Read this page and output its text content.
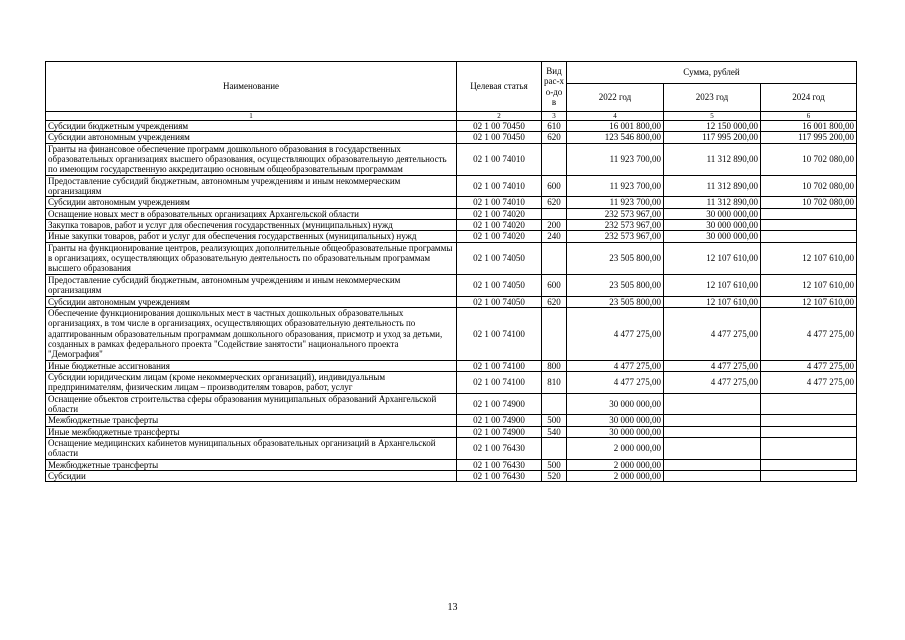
Наименование	Целевая статья	Вид рас-хо-дов	Сумма, рублей		
			2022 год	2023 год	2024 год
1	2	3	4	5	6
Субсидии бюджетным учреждениям	02 1 00 70450	610	16 001 800,00	12 150 000,00	16 001 800,00
Субсидии автономным учреждениям	02 1 00 70450	620	123 546 800,00	117 995 200,00	117 995 200,00
Гранты на финансовое обеспечение программ дошкольного образования в государственных образовательных организациях высшего образования, осуществляющих образовательную деятельность по имеющим государственную аккредитацию основным общеобразовательным программам	02 1 00 74010		11 923 700,00	11 312 890,00	10 702 080,00
Предоставление субсидий бюджетным, автономным учреждениям и иным некоммерческим организациям	02 1 00 74010	600	11 923 700,00	11 312 890,00	10 702 080,00
Субсидии автономным учреждениям	02 1 00 74010	620	11 923 700,00	11 312 890,00	10 702 080,00
Оснащение новых мест в образовательных организациях Архангельской области	02 1 00 74020		232 573 967,00	30 000 000,00	
Закупка товаров, работ и услуг для обеспечения государственных (муниципальных) нужд	02 1 00 74020	200	232 573 967,00	30 000 000,00	
Иные закупки товаров, работ и услуг для обеспечения государственных (муниципальных) нужд	02 1 00 74020	240	232 573 967,00	30 000 000,00	
Гранты на функционирование центров, реализующих дополнительные общеобразовательные программы в организациях, осуществляющих образовательную деятельность по образовательным программам высшего образования	02 1 00 74050		23 505 800,00	12 107 610,00	12 107 610,00
Предоставление субсидий бюджетным, автономным учреждениям и иным некоммерческим организациям	02 1 00 74050	600	23 505 800,00	12 107 610,00	12 107 610,00
Субсидии автономным учреждениям	02 1 00 74050	620	23 505 800,00	12 107 610,00	12 107 610,00
Обеспечение функционирования дошкольных мест в частных дошкольных образовательных организациях, в том числе в организациях, осуществляющих образовательную деятельность по адаптированным образовательным программам дошкольного образования, присмотр и уход за детьми, созданных в рамках федерального проекта "Содействие занятости" национального проекта "Демография"	02 1 00 74100		4 477 275,00	4 477 275,00	4 477 275,00
Иные бюджетные ассигнования	02 1 00 74100	800	4 477 275,00	4 477 275,00	4 477 275,00
Субсидии юридическим лицам (кроме некоммерческих организаций), индивидуальным предпринимателям, физическим лицам – производителям товаров, работ, услуг	02 1 00 74100	810	4 477 275,00	4 477 275,00	4 477 275,00
Оснащение объектов строительства сферы образования муниципальных образований Архангельской области	02 1 00 74900		30 000 000,00		
Межбюджетные трансферты	02 1 00 74900	500	30 000 000,00		
Иные межбюджетные трансферты	02 1 00 74900	540	30 000 000,00		
Оснащение медицинских кабинетов муниципальных образовательных организаций в Архангельской области	02 1 00 76430		2 000 000,00		
Межбюджетные трансферты	02 1 00 76430	500	2 000 000,00		
Субсидии	02 1 00 76430	520	2 000 000,00		
13
